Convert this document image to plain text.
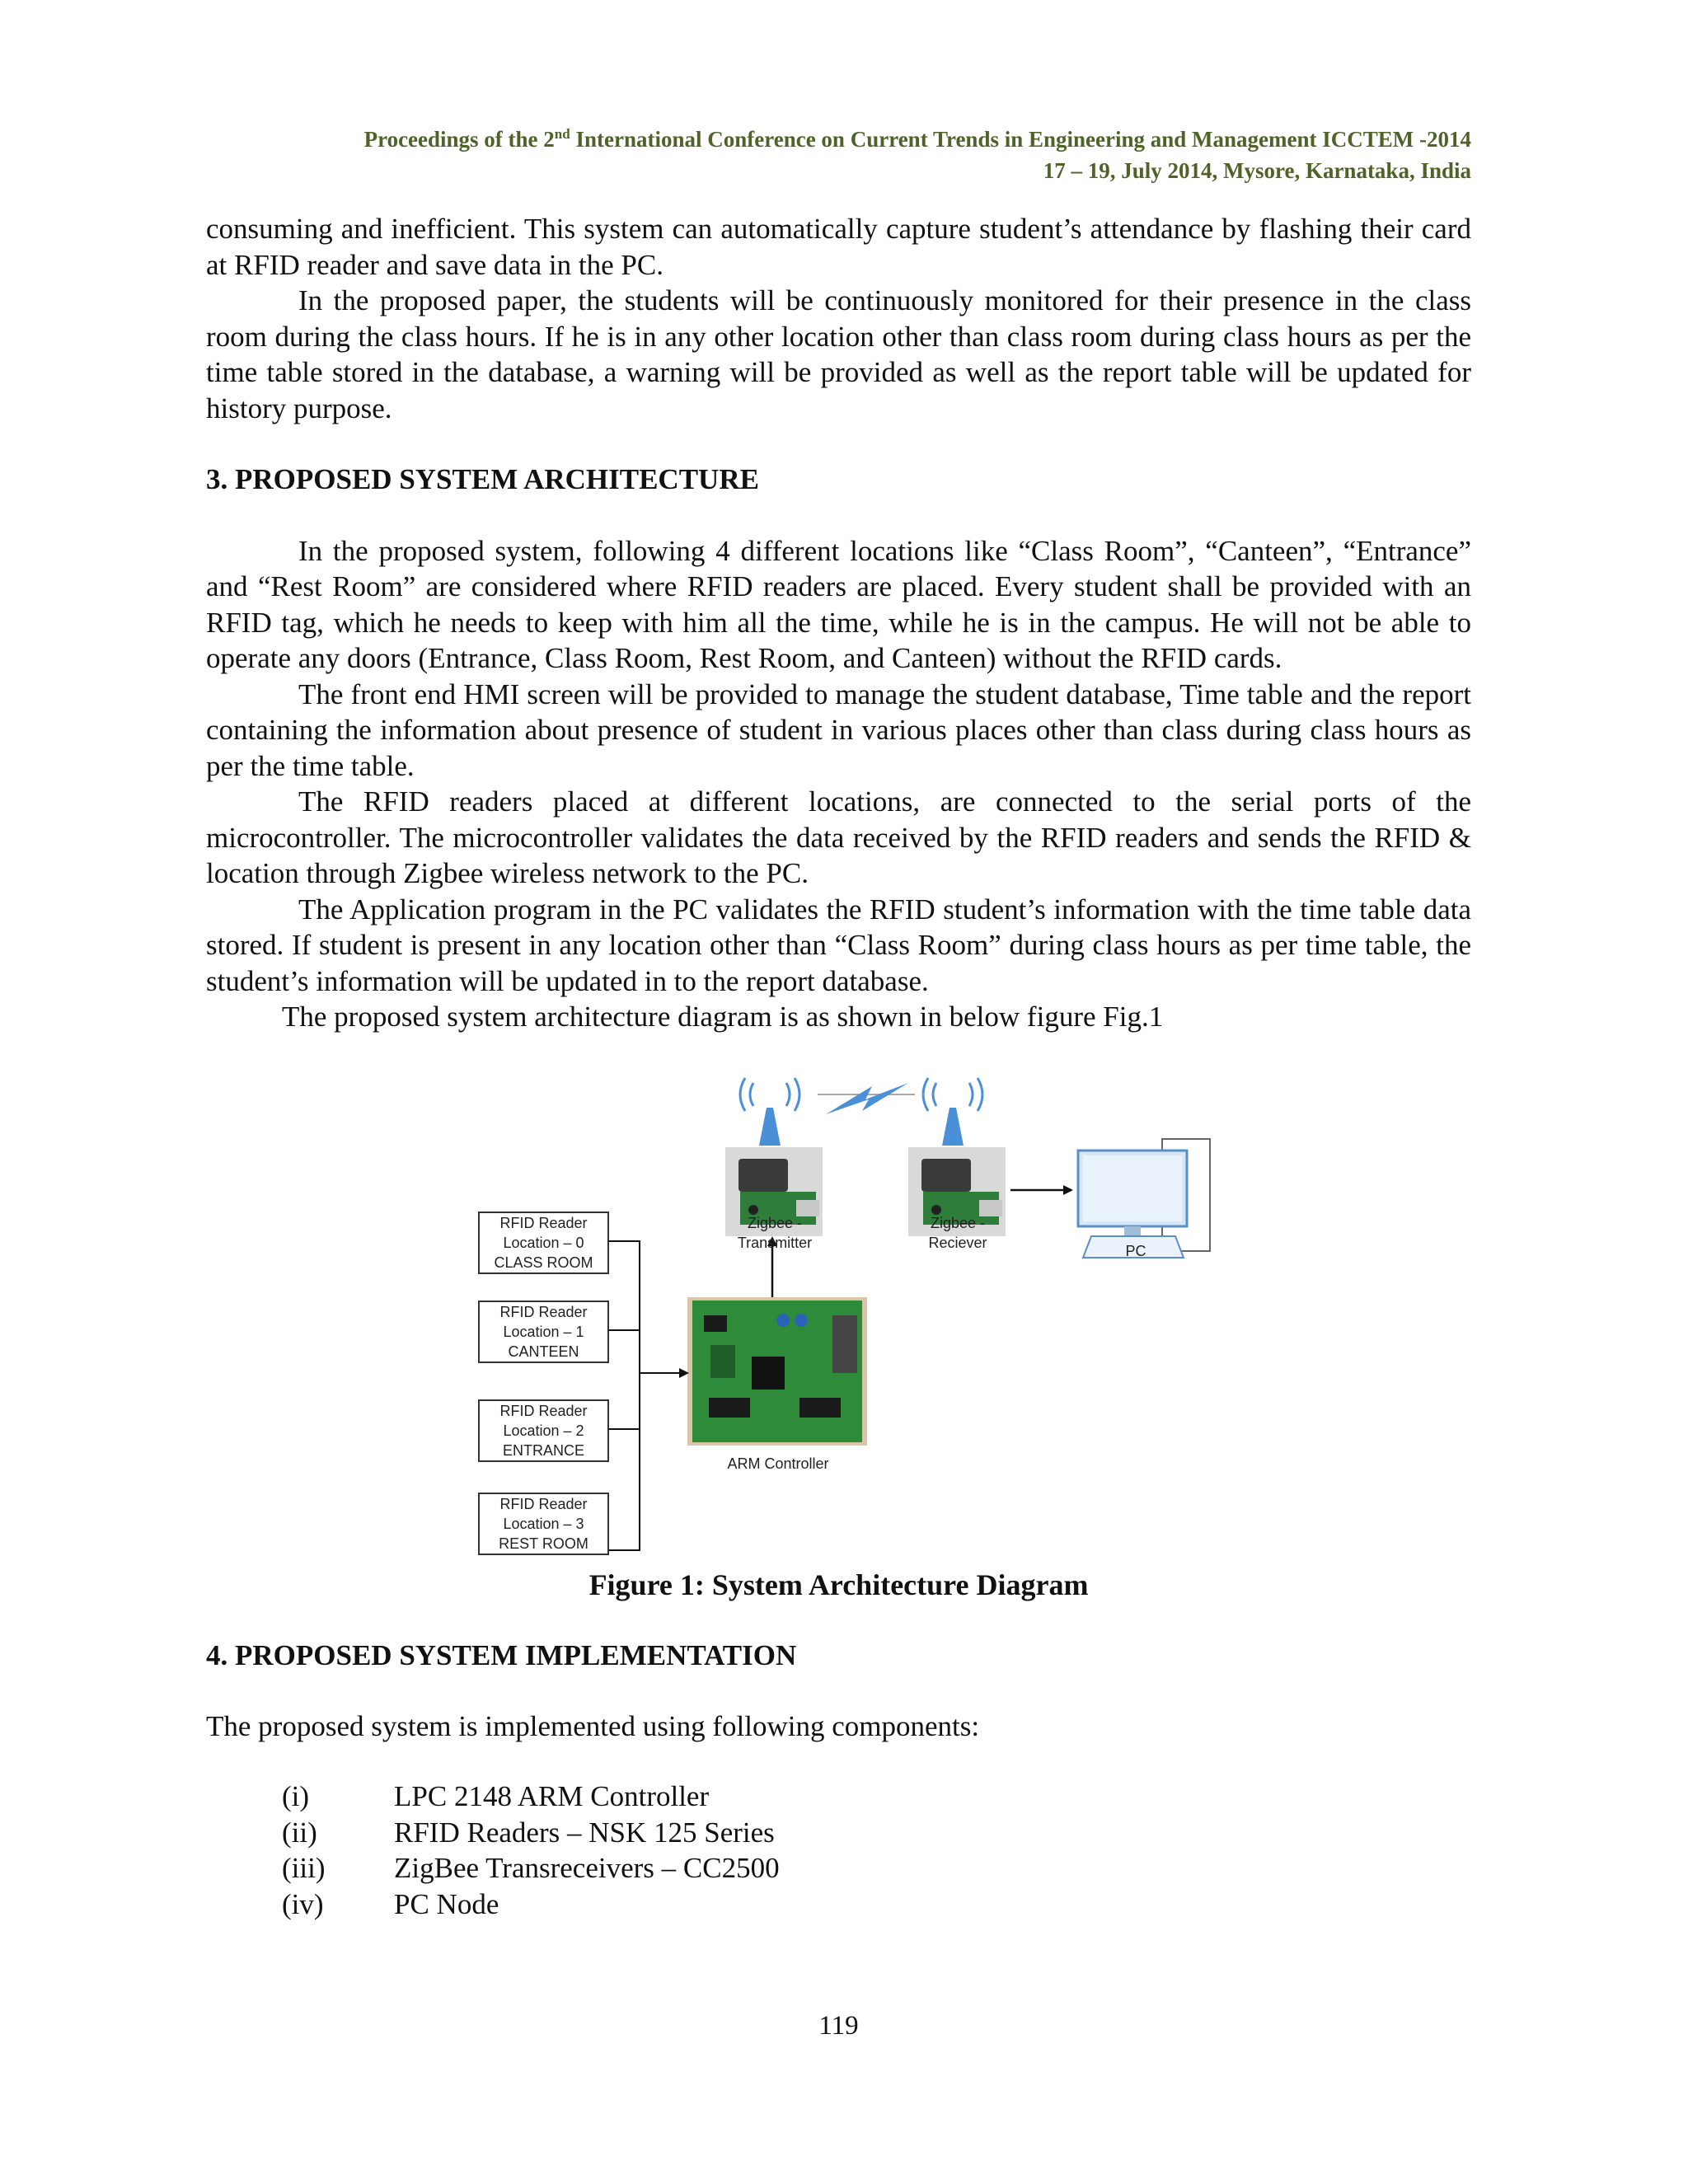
Proceedings of the 2nd International Conference on Current Trends in Engineering and Management ICCTEM -2014
17 – 19, July 2014, Mysore, Karnataka, India

consuming and inefficient. This system can automatically capture student’s attendance by flashing their card at RFID reader and save data in the PC.

In the proposed paper, the students will be continuously monitored for their presence in the class room during the class hours. If he is in any other location other than class room during class hours as per the time table stored in the database, a warning will be provided as well as the report table will be updated for history purpose.

3. PROPOSED SYSTEM ARCHITECTURE

In the proposed system, following 4 different locations like “Class Room”, “Canteen”, “Entrance” and “Rest Room” are considered where RFID readers are placed. Every student shall be provided with an RFID tag, which he needs to keep with him all the time, while he is in the campus. He will not be able to operate any doors (Entrance, Class Room, Rest Room, and Canteen) without the RFID cards.

The front end HMI screen will be provided to manage the student database, Time table and the report containing the information about presence of student in various places other than class during class hours as per the time table.

The RFID readers placed at different locations, are connected to the serial ports of the microcontroller. The microcontroller validates the data received by the RFID readers and sends the RFID & location through Zigbee wireless network to the PC.

The Application program in the PC validates the RFID student’s information with the time table data stored. If student is present in any location other than “Class Room” during class hours as per time table, the student’s information will be updated in to the report database.

The proposed system architecture diagram is as shown in below figure Fig.1

RFID Reader
Location – 0
CLASS ROOM
RFID Reader
Location – 1
CANTEEN
RFID Reader
Location – 2
ENTRANCE
RFID Reader
Location – 3
REST ROOM
Zigbee -
Transmitter
Zigbee -
Reciever	PC
ARM Controller
Figure 1: System Architecture Diagram
4. PROPOSED SYSTEM IMPLEMENTATION

The proposed system is implemented using following components:

(i)	LPC 2148 ARM Controller
(ii)	RFID Readers – NSK 125 Series
(iii)	ZigBee Transreceivers – CC2500
(iv)	PC Node
119
